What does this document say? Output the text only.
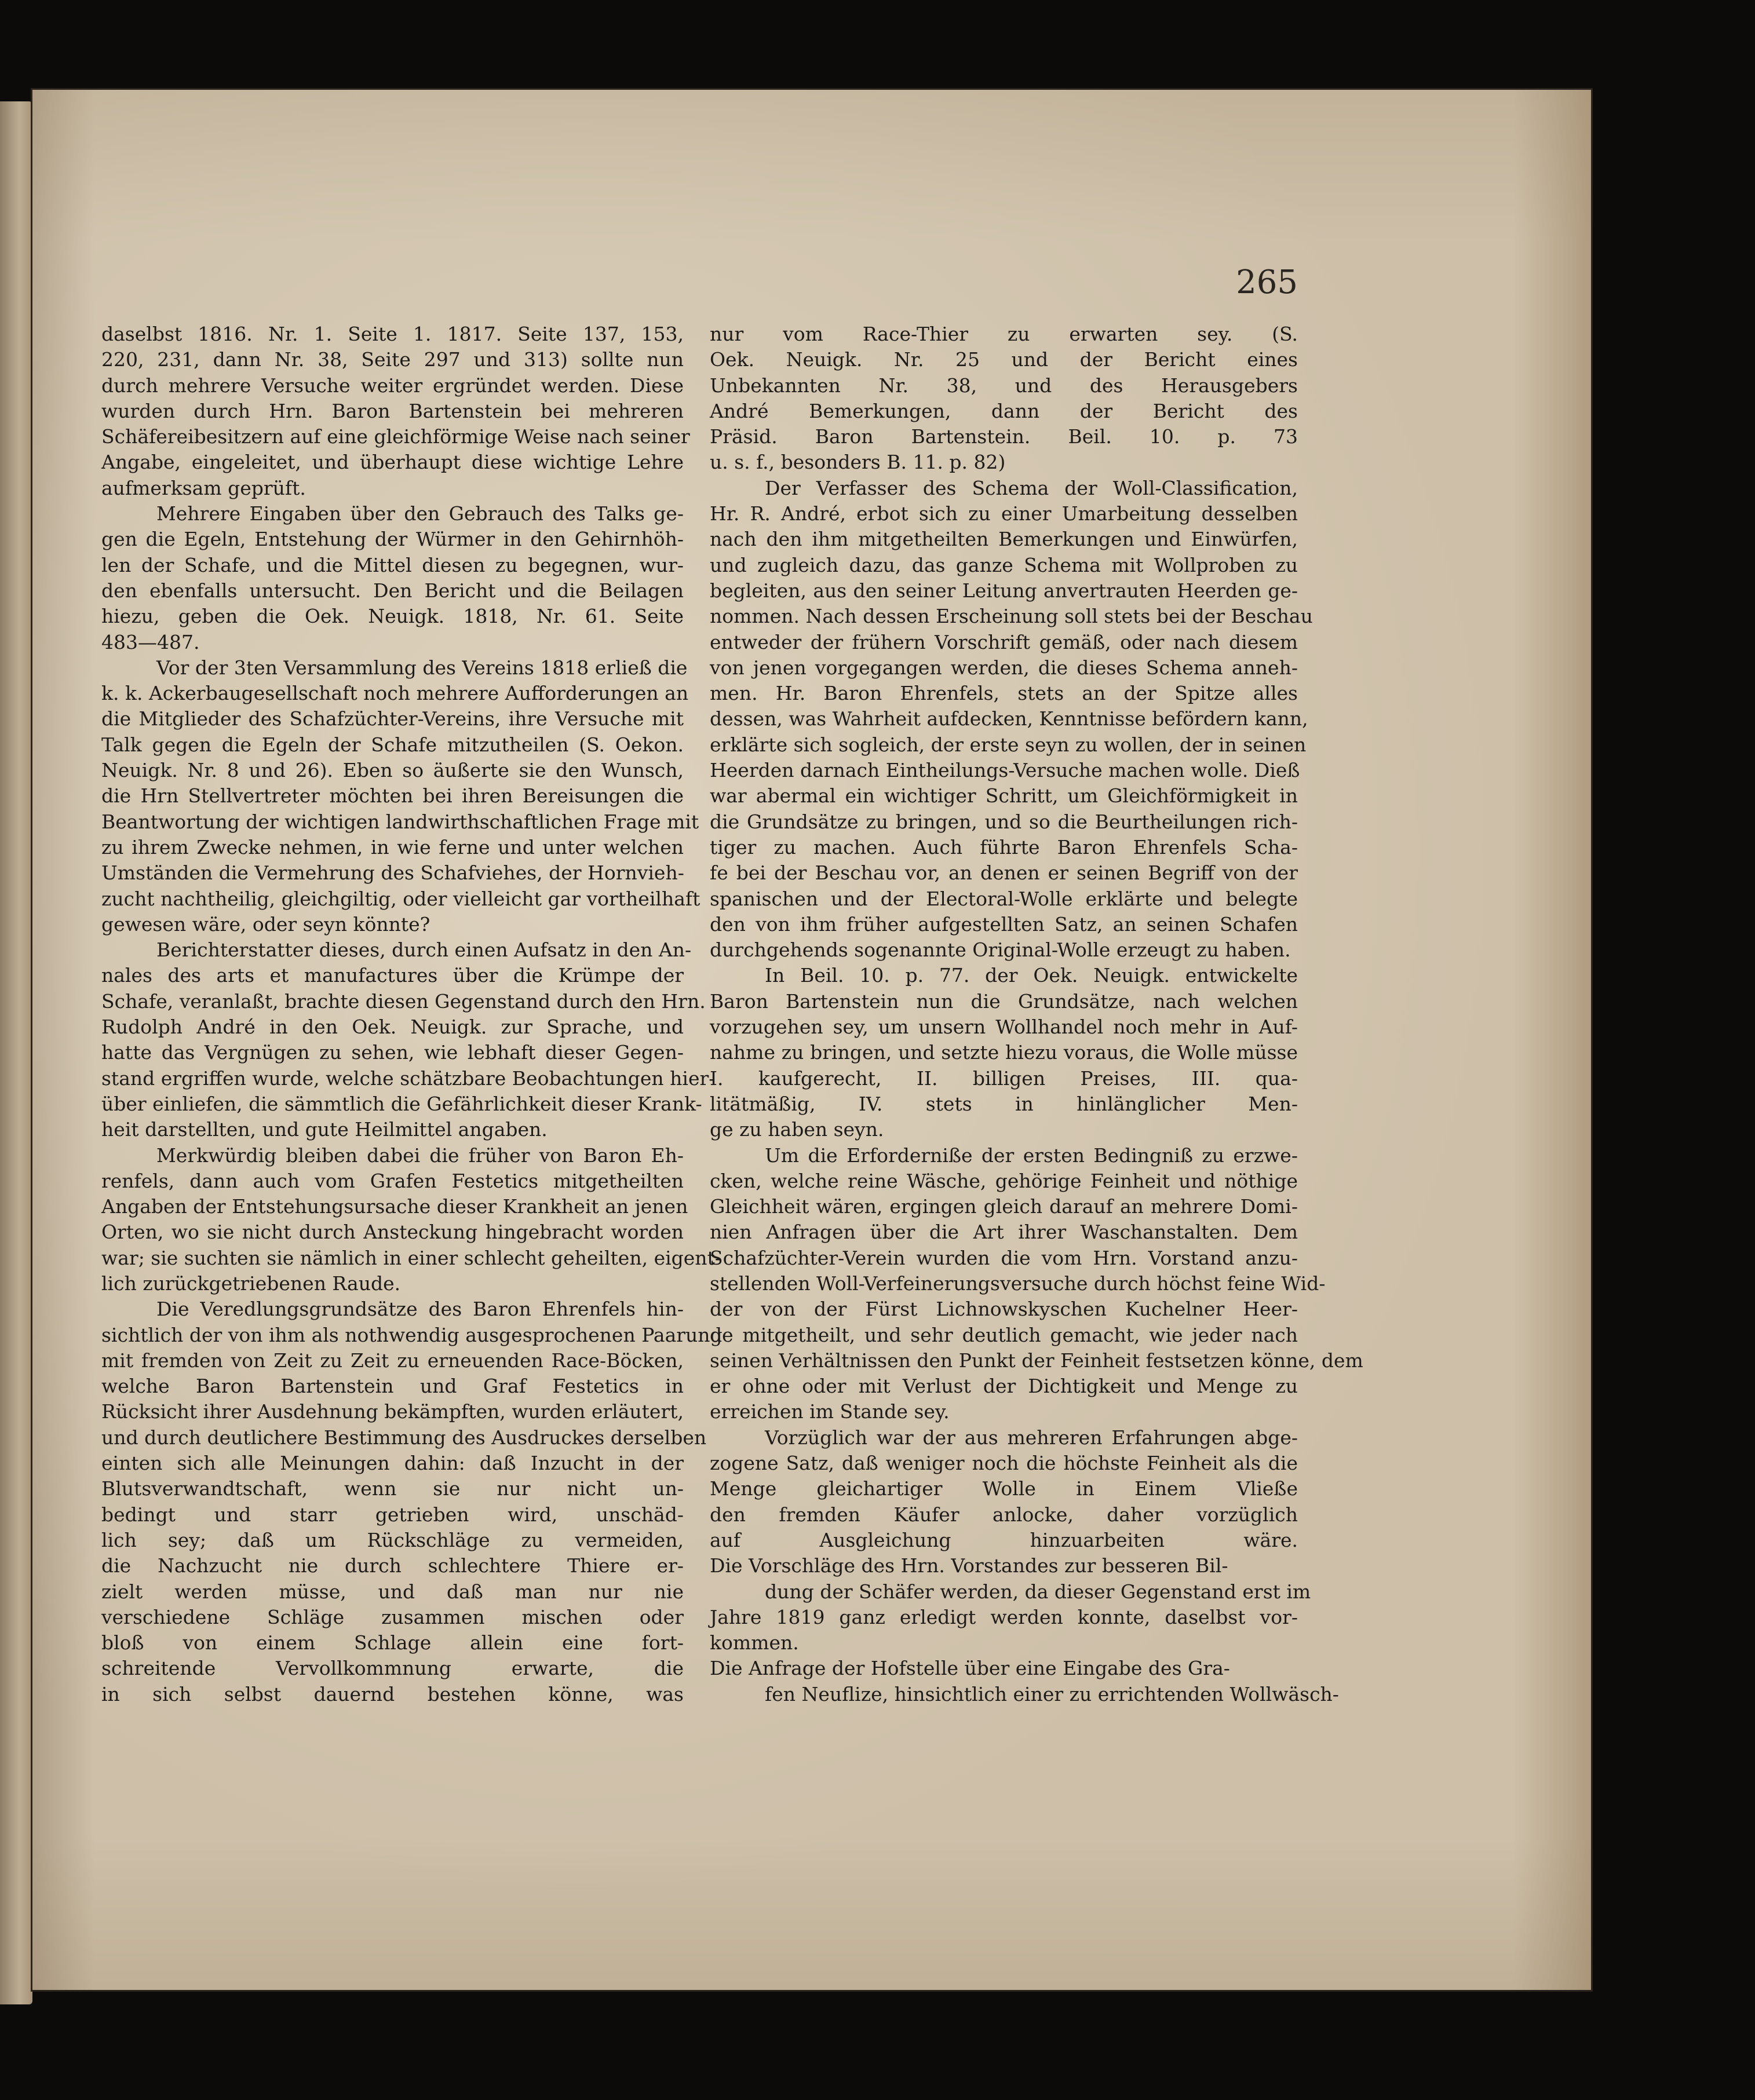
265
daselbst 1816. Nr. 1. Seite 1. 1817. Seite 137, 153,
220, 231, dann Nr. 38, Seite 297 und 313) sollte nun
durch mehrere Versuche weiter ergründet werden. Diese
wurden durch Hrn. Baron Bartenstein bei mehreren
Schäfereibesitzern auf eine gleichförmige Weise nach seiner
Angabe, eingeleitet, und überhaupt diese wichtige Lehre
aufmerksam geprüft.
Mehrere Eingaben über den Gebrauch des Talks ge-
gen die Egeln, Entstehung der Würmer in den Gehirnhöh-
len der Schafe, und die Mittel diesen zu begegnen, wur-
den ebenfalls untersucht. Den Bericht und die Beilagen
hiezu, geben die Oek. Neuigk. 1818, Nr. 61. Seite
483—487.
Vor der 3ten Versammlung des Vereins 1818 erließ die
k. k. Ackerbaugesellschaft noch mehrere Aufforderungen an
die Mitglieder des Schafzüchter-Vereins, ihre Versuche mit
Talk gegen die Egeln der Schafe mitzutheilen (S. Oekon.
Neuigk. Nr. 8 und 26). Eben so äußerte sie den Wunsch,
die Hrn Stellvertreter möchten bei ihren Bereisungen die
Beantwortung der wichtigen landwirthschaftlichen Frage mit
zu ihrem Zwecke nehmen, in wie ferne und unter welchen
Umständen die Vermehrung des Schafviehes, der Hornvieh-
zucht nachtheilig, gleichgiltig, oder vielleicht gar vortheilhaft
gewesen wäre, oder seyn könnte?
Berichterstatter dieses, durch einen Aufsatz in den An-
nales des arts et manufactures über die Krümpe der
Schafe, veranlaßt, brachte diesen Gegenstand durch den Hrn.
Rudolph André in den Oek. Neuigk. zur Sprache, und
hatte das Vergnügen zu sehen, wie lebhaft dieser Gegen-
stand ergriffen wurde, welche schätzbare Beobachtungen hier-
über einliefen, die sämmtlich die Gefährlichkeit dieser Krank-
heit darstellten, und gute Heilmittel angaben.
Merkwürdig bleiben dabei die früher von Baron Eh-
renfels, dann auch vom Grafen Festetics mitgetheilten
Angaben der Entstehungsursache dieser Krankheit an jenen
Orten, wo sie nicht durch Ansteckung hingebracht worden
war; sie suchten sie nämlich in einer schlecht geheilten, eigent-
lich zurückgetriebenen Raude.
Die Veredlungsgrundsätze des Baron Ehrenfels hin-
sichtlich der von ihm als nothwendig ausgesprochenen Paarung
mit fremden von Zeit zu Zeit zu erneuenden Race-Böcken,
welche Baron Bartenstein und Graf Festetics in
Rücksicht ihrer Ausdehnung bekämpften, wurden erläutert,
und durch deutlichere Bestimmung des Ausdruckes derselben
einten sich alle Meinungen dahin: daß Inzucht in der
Blutsverwandtschaft, wenn sie nur nicht un-
bedingt und starr getrieben wird, unschäd-
lich sey; daß um Rückschläge zu vermeiden,
die Nachzucht nie durch schlechtere Thiere er-
zielt werden müsse, und daß man nur nie
verschiedene Schläge zusammen mischen oder
bloß von einem Schlage allein eine fort-
schreitende Vervollkommnung erwarte, die
in sich selbst dauernd bestehen könne, was
nur vom Race-Thier zu erwarten sey. (S.
Oek. Neuigk. Nr. 25 und der Bericht eines
Unbekannten Nr. 38, und des Herausgebers
André Bemerkungen, dann der Bericht des
Präsid. Baron Bartenstein. Beil. 10. p. 73
u. s. f., besonders B. 11. p. 82)
Der Verfasser des Schema der Woll-Classification,
Hr. R. André, erbot sich zu einer Umarbeitung desselben
nach den ihm mitgetheilten Bemerkungen und Einwürfen,
und zugleich dazu, das ganze Schema mit Wollproben zu
begleiten, aus den seiner Leitung anvertrauten Heerden ge-
nommen. Nach dessen Erscheinung soll stets bei der Beschau
entweder der frühern Vorschrift gemäß, oder nach diesem
von jenen vorgegangen werden, die dieses Schema anneh-
men. Hr. Baron Ehrenfels, stets an der Spitze alles
dessen, was Wahrheit aufdecken, Kenntnisse befördern kann,
erklärte sich sogleich, der erste seyn zu wollen, der in seinen
Heerden darnach Eintheilungs-Versuche machen wolle. Dieß
war abermal ein wichtiger Schritt, um Gleichförmigkeit in
die Grundsätze zu bringen, und so die Beurtheilungen rich-
tiger zu machen. Auch führte Baron Ehrenfels Scha-
fe bei der Beschau vor, an denen er seinen Begriff von der
spanischen und der Electoral-Wolle erklärte und belegte
den von ihm früher aufgestellten Satz, an seinen Schafen
durchgehends sogenannte Original-Wolle erzeugt zu haben.
In Beil. 10. p. 77. der Oek. Neuigk. entwickelte
Baron Bartenstein nun die Grundsätze, nach welchen
vorzugehen sey, um unsern Wollhandel noch mehr in Auf-
nahme zu bringen, und setzte hiezu voraus, die Wolle müsse
I. kaufgerecht, II. billigen Preises, III. qua-
litätmäßig, IV. stets in hinlänglicher Men-
ge zu haben seyn.
Um die Erforderniße der ersten Bedingniß zu erzwe-
cken, welche reine Wäsche, gehörige Feinheit und nöthige
Gleichheit wären, ergingen gleich darauf an mehrere Domi-
nien Anfragen über die Art ihrer Waschanstalten. Dem
Schafzüchter-Verein wurden die vom Hrn. Vorstand anzu-
stellenden Woll-Verfeinerungsversuche durch höchst feine Wid-
der von der Fürst Lichnowskyschen Kuchelner Heer-
de mitgetheilt, und sehr deutlich gemacht, wie jeder nach
seinen Verhältnissen den Punkt der Feinheit festsetzen könne, dem
er ohne oder mit Verlust der Dichtigkeit und Menge zu
erreichen im Stande sey.
Vorzüglich war der aus mehreren Erfahrungen abge-
zogene Satz, daß weniger noch die höchste Feinheit als die
Menge gleichartiger Wolle in Einem Vließe
den fremden Käufer anlocke, daher vorzüglich
auf Ausgleichung hinzuarbeiten wäre.
Die Vorschläge des Hrn. Vorstandes zur besseren Bil-
dung der Schäfer werden, da dieser Gegenstand erst im
Jahre 1819 ganz erledigt werden konnte, daselbst vor-
kommen.
Die Anfrage der Hofstelle über eine Eingabe des Gra-
fen Neuflize, hinsichtlich einer zu errichtenden Wollwäsch-
